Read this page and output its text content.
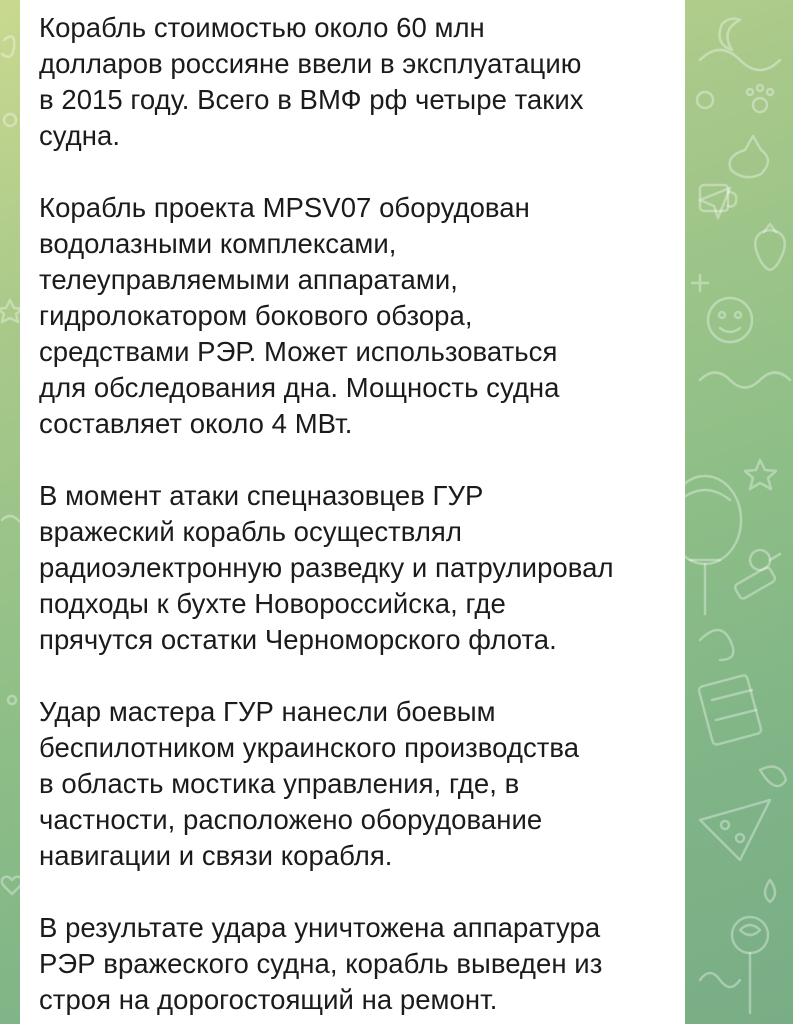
Корабль стоимостью около 60 млн
долларов россияне ввели в эксплуатацию
в 2015 году. Всего в ВМФ рф четыре таких
судна.

Корабль проекта MPSV07 оборудован
водолазными комплексами,
телеуправляемыми аппаратами,
гидролокатором бокового обзора,
средствами РЭР. Может использоваться
для обследования дна. Мощность судна
составляет около 4 МВт.

В момент атаки спецназовцев ГУР
вражеский корабль осуществлял
радиоэлектронную разведку и патрулировал
подходы к бухте Новороссийска, где
прячутся остатки Черноморского флота.

Удар мастера ГУР нанесли боевым
беспилотником украинского производства
в область мостика управления, где, в
частности, расположено оборудование
навигации и связи корабля.

В результате удара уничтожена аппаратура
РЭР вражеского судна, корабль выведен из
строя на дорогостоящий на ремонт.
